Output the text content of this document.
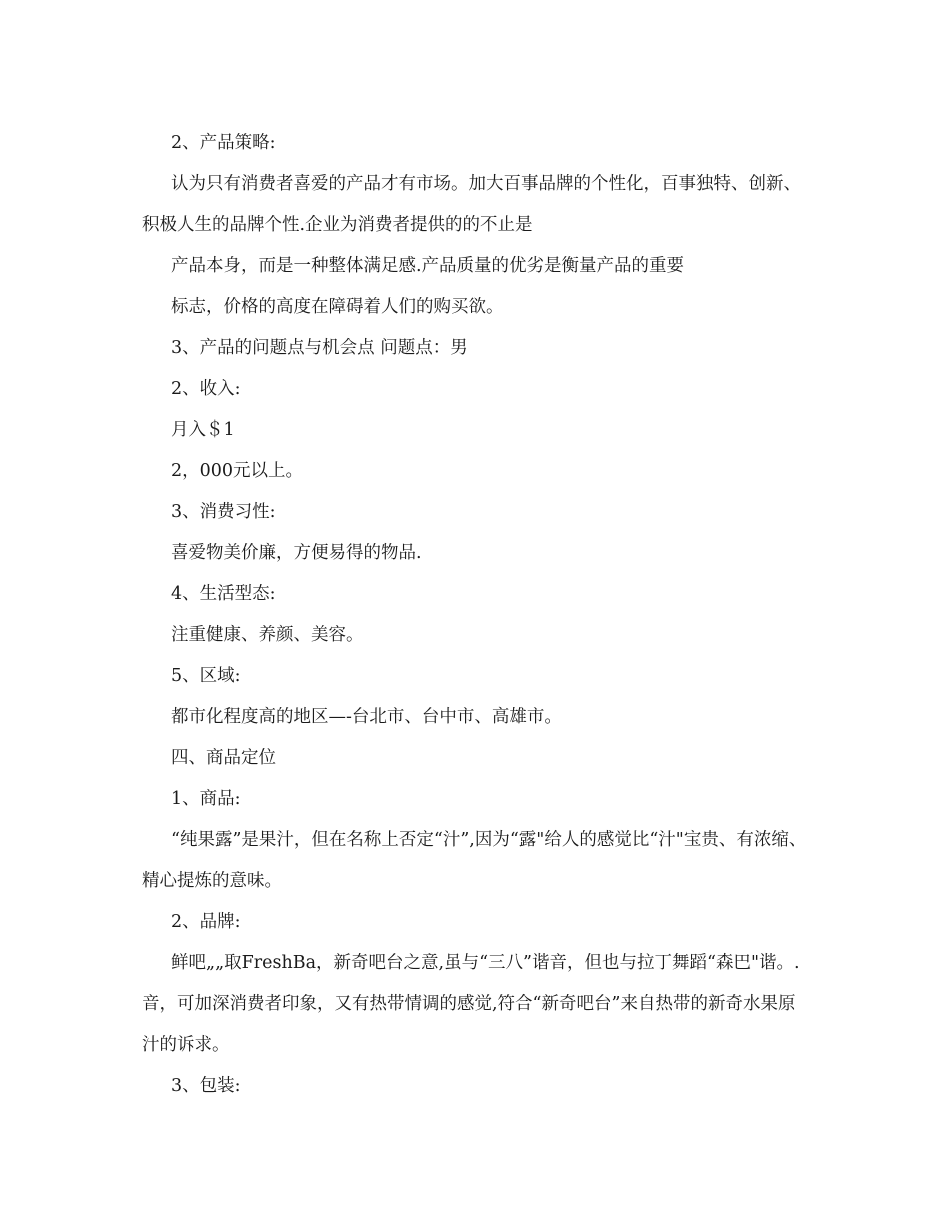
2、产品策略:

认为只有消费者喜爱的产品才有市场。加大百事品牌的个性化，百事独特、创新、积极人生的品牌个性.企业为消费者提供的的不止是

产品本身，而是一种整体满足感.产品质量的优劣是衡量产品的重要

标志，价格的高度在障碍着人们的购买欲。

3、产品的问题点与机会点 问题点：男

2、收入:

月入＄1

2，000元以上。

3、消费习性:

喜爱物美价廉，方便易得的物品.

4、生活型态:

注重健康、养颜、美容。

5、区域:

都市化程度高的地区—-台北市、台中市、高雄市。

四、商品定位

1、商品:

“纯果露”是果汁，但在名称上否定“汁”,因为“露"给人的感觉比“汁"宝贵、有浓缩、精心提炼的意味。

2、品牌:

鲜吧„„取FreshBa，新奇吧台之意,虽与“三八”谐音，但也与拉丁舞蹈“森巴"谐。.音，可加深消费者印象，又有热带情调的感觉,符合“新奇吧台”来自热带的新奇水果原汁的诉求。

3、包装:
